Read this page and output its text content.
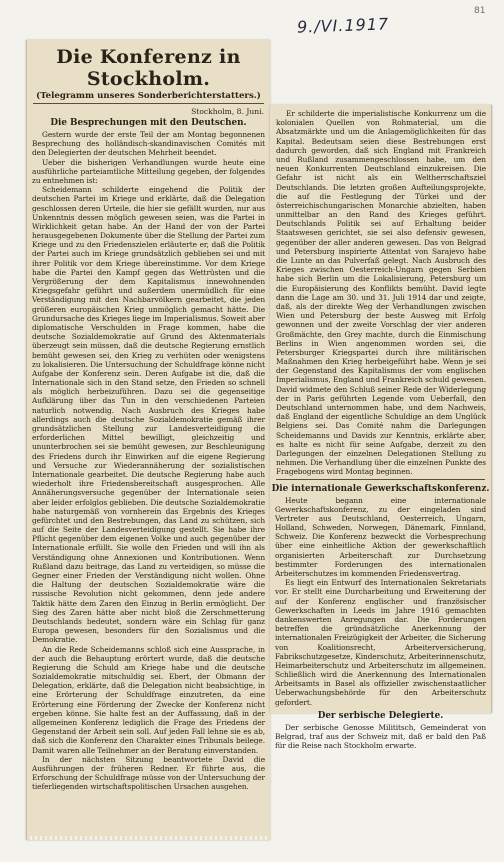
81
9./VI.1917
Die Konferenz in Stockholm.
(Telegramm unseres Sonderberichterstatters.)
Stockholm, 8. Juni.
Die Besprechungen mit den Deutschen.

Gestern wurde der erste Teil der am Montag begonnenen Besprechung des holländisch-skandinavischen Comités mit den Delegierten der deutschen Mehrheit beendet.

Ueber die bisherigen Verhandlungen wurde heute eine ausführliche parteiamtliche Mitteilung gegeben, der folgendes zu entnehmen ist:

Scheidemann schilderte eingehend die Politik der deutschen Partei im Kriege und erklärte, daß die Delegation geschlossen deren Urteile, die hier sie gefällt wurden, nur aus Unkenntnis dessen möglich gewesen seien, was die Partei in Wirklichkeit getan habe. An der Hand der von der Partei herausgegebenen Dokumente über die Stellung der Partei zum Kriege und zu den Friedenszielen erläuterte er, daß die Politik der Partei auch im Kriege grundsätzlich geblieben sei und mit ihrer Politik vor dem Kriege übereinstimme. Vor dem Kriege habe die Partei den Kampf gegen das Wettrüsten und die Vergrößerung der dem Kapitalismus innewohnenden Kriegsgefahr geführt und außerdem unermüdlich für eine Verständigung mit den Nachbarvölkern gearbeitet, die jeden größeren europäischen Krieg unmöglich gemacht hätte. Die Grundursache des Krieges liege im Imperialismus. Soweit aber diplomatische Verschulden in Frage kommen, habe die deutsche Sozialdemokratie auf Grund des Aktenmaterials überzeugt sein müssen, daß die deutsche Regierung ernstlich bemüht gewesen sei, den Krieg zu verhüten oder wenigstens zu lokalisieren. Die Untersuchung der Schuldfrage könne nicht Aufgabe der Konferenz sein. Deren Aufgabe ist die, daß die Internationale sich in den Stand setze, den Frieden so schnell als möglich herbeizuführen. Dazu sei die gegenseitige Aufklärung über das Tun in den verschiedenen Parteien naturlich notwendig. Nach Ausbruch des Krieges habe allerdings auch die deutsche Sozialdemokratie gemäß ihrer grundsätzlichen Stellung zur Landesverteidigung die erforderlichen Mittel bewilligt, gleichzeitig und ununterbrochen sei sie bemüht gewesen, zur Beschleunigung des Friedens durch ihr Einwirken auf die eigene Regierung und Versuche zur Wiederannäherung der sozialistischen Internationale gearbeitet. Die deutsche Regierung habe auch wiederholt ihre Friedensbereitschaft ausgesprochen. Alle Annäherungsversuche gegenüber der Internationale seien aber leider erfolglos geblieben. Die deutsche Sozialdemokratie habe naturgemäß von vornherein das Ergebnis des Krieges gefürchtet und den Bestrebungen, das Land zu schützen, sich auf die Seite der Landesverteidigung gestellt. Sie habe ihre Pflicht gegenüber dem eigenen Volke und auch gegenüber der Internationale erfüllt. Sie wolle den Frieden und will ihn als Verständigung ohne Annexionen und Kontributionen. Wenn Rußland dazu beitrage, das Land zu verteidigen, so müsse die Gegner einer Frieden der Verständigung nicht wollen. Ohne die Haltung der deutschen Sozialdemokratie wäre die russische Revolution nicht gekommen, denn jede andere Taktik hätte dem Zaren den Einzug in Berlin ermöglicht. Der Sieg des Zaren hätte aber nicht bloß die Zerschmetterung Deutschlands bedeutet, sondern wäre ein Schlag für ganz Europa gewesen, besonders für den Sozialismus und die Demokratie.

An die Rede Scheidemanns schloß sich eine Aussprache, in der auch die Behauptung erörtert wurde, daß die deutsche Regierung die Schuld am Kriege habe und die deutsche Sozialdemokratie mitschuldig sei. Ebert, der Obmann der Delegation, erklärte, daß die Delegation nicht beabsichtige, in eine Erörterung der Schuldfrage einzutreten, da eine Erörterung eine Förderung der Zwecke der Konferenz nicht ergeben könne. Sie halte fest an der Auffassung, daß in der allgemeinen Konferenz lediglich die Frage des Friedens der Gegenstand der Arbeit sein soll. Auf jeden Fall lehne sie es ab, daß sich die Konferenz den Charakter eines Tribunals beilege. Damit waren alle Teilnehmer an der Beratung einverstanden.

In der nächsten Sitzung beantwortete David die Ausführungen der früheren Redner. Er führte aus, die Erforschung der Schuldfrage müsse von der Untersuchung der tieferliegenden wirtschaftspolitischen Ursachen ausgehen.

Er schilderte die imperialistische Konkurrenz um die kolonialen Quellen von Rohmaterial, um die Absatzmärkte und um die Anlagemöglichkeiten für das Kapital. Bedeutsam seien diese Bestrebungen erst dadurch geworden, daß sich England mit Frankreich und Rußland zusammengeschlossen habe, um den neuen Konkurrenten Deutschland einzukreisen. Die Gefahr ist nicht als ein Weltherrschaftsziel Deutschlands. Die letzten großen Aufteilungsprojekte, die auf die Festlegung der Türkei und der österreichischungarischen Monarchie abzielten, haben unmittelbar an den Rand des Krieges geführt. Deutschlands Politik sei auf Erhaltung beider Staatswesen gerichtet, sie sei also defensiv gewesen, gegenüber der aller anderen gewesen. Das von Belgrad und Petersburg inspirierte Attentat von Sarajevo habe die Lunte an das Pulverfaß gelegt. Nach Ausbruch des Krieges zwischen Oesterreich-Ungarn gegen Serbien habe sich Berlin um die Lokalisierung, Petersburg um die Europäisierung des Konflikts bemüht. David legte dann die Lage am 30. und 31. Juli 1914 dar und zeigte, daß, als der direkte Weg der Verhandlungen zwischen Wien und Petersburg der beste Ausweg mit Erfolg gewonnen und der zweite Vorschlag der vier anderen Großmächte, den Grey machte, durch die Einmischung Berlins in Wien angenommen worden sei, die Petersburger Kriegspartei durch ihre militärischen Maßnahmen den Krieg herbeigeführt habe. Wenn je sei der Gegenstand des Kapitalismus der vom englischen Imperialismus, England und Frankreich schuld gewesen. David widmete den Schluß seiner Rede der Widerlegung der in Paris geführten Legende vom Ueberfall, den Deutschland unternommen habe, und dem Nachweis, daß England der eigentliche Schuldige an dem Unglück Belgiens sei. Das Comité nahm die Darlegungen Scheidemanns und Davids zur Kenntnis, erklärte aber, es halte es nicht für seine Aufgabe, derzeit zu den Darlegungen der einzelnen Delegationen Stellung zu nehmen. Die Verhandlung über die einzelnen Punkte des Fragebogens wird Montag beginnen.

Die internationale Gewerkschaftskonferenz.

Heute begann eine internationale Gewerkschaftskonferenz, zu der eingeladen sind Vertreter aus Deutschland, Oesterreich, Ungarn, Holland, Schweden, Norwegen, Dänemark, Finnland, Schweiz. Die Konferenz bezweckt die Vorbesprechung über eine einheitliche Aktion der gewerkschaftlich organisierten Arbeiterschaft zur Durchsetzung bestimmter Forderungen des internationalen Arbeiterschutzes im kommenden Friedensvertrag.

Es liegt ein Entwurf des Internationalen Sekretariats vor. Er stellt eine Durcharbeitung und Erweiterung der auf der Konferenz englischer und französischer Gewerkschaften in Leeds im Jahre 1916 gemachten dankenswerten Anregungen dar. Die Forderungen betreffen die gründsätzliche Anerkennung der internationalen Freizügigkeit der Arbeiter, die Sicherung von Koalitionsrecht, Arbeiterversicherung, Fabrikschutzgesetze, Kinderschutz, Arbeiterinnenschutz, Heimarbeiterschutz und Arbeiterschutz im allgemeinen. Schließlich wird die Anerkennung des Internationalen Arbeitsamts in Basel als offizieller zwischenstaatlicher Ueberwachungsbehörde für den Arbeiterschutz gefordert.

Der serbische Delegierte.

Der serbische Genosse Milititsch, Gemeinderat von Belgrad, traf aus der Schweiz mit, daß er bald den Paß für die Reise nach Stockholm erwarte.
